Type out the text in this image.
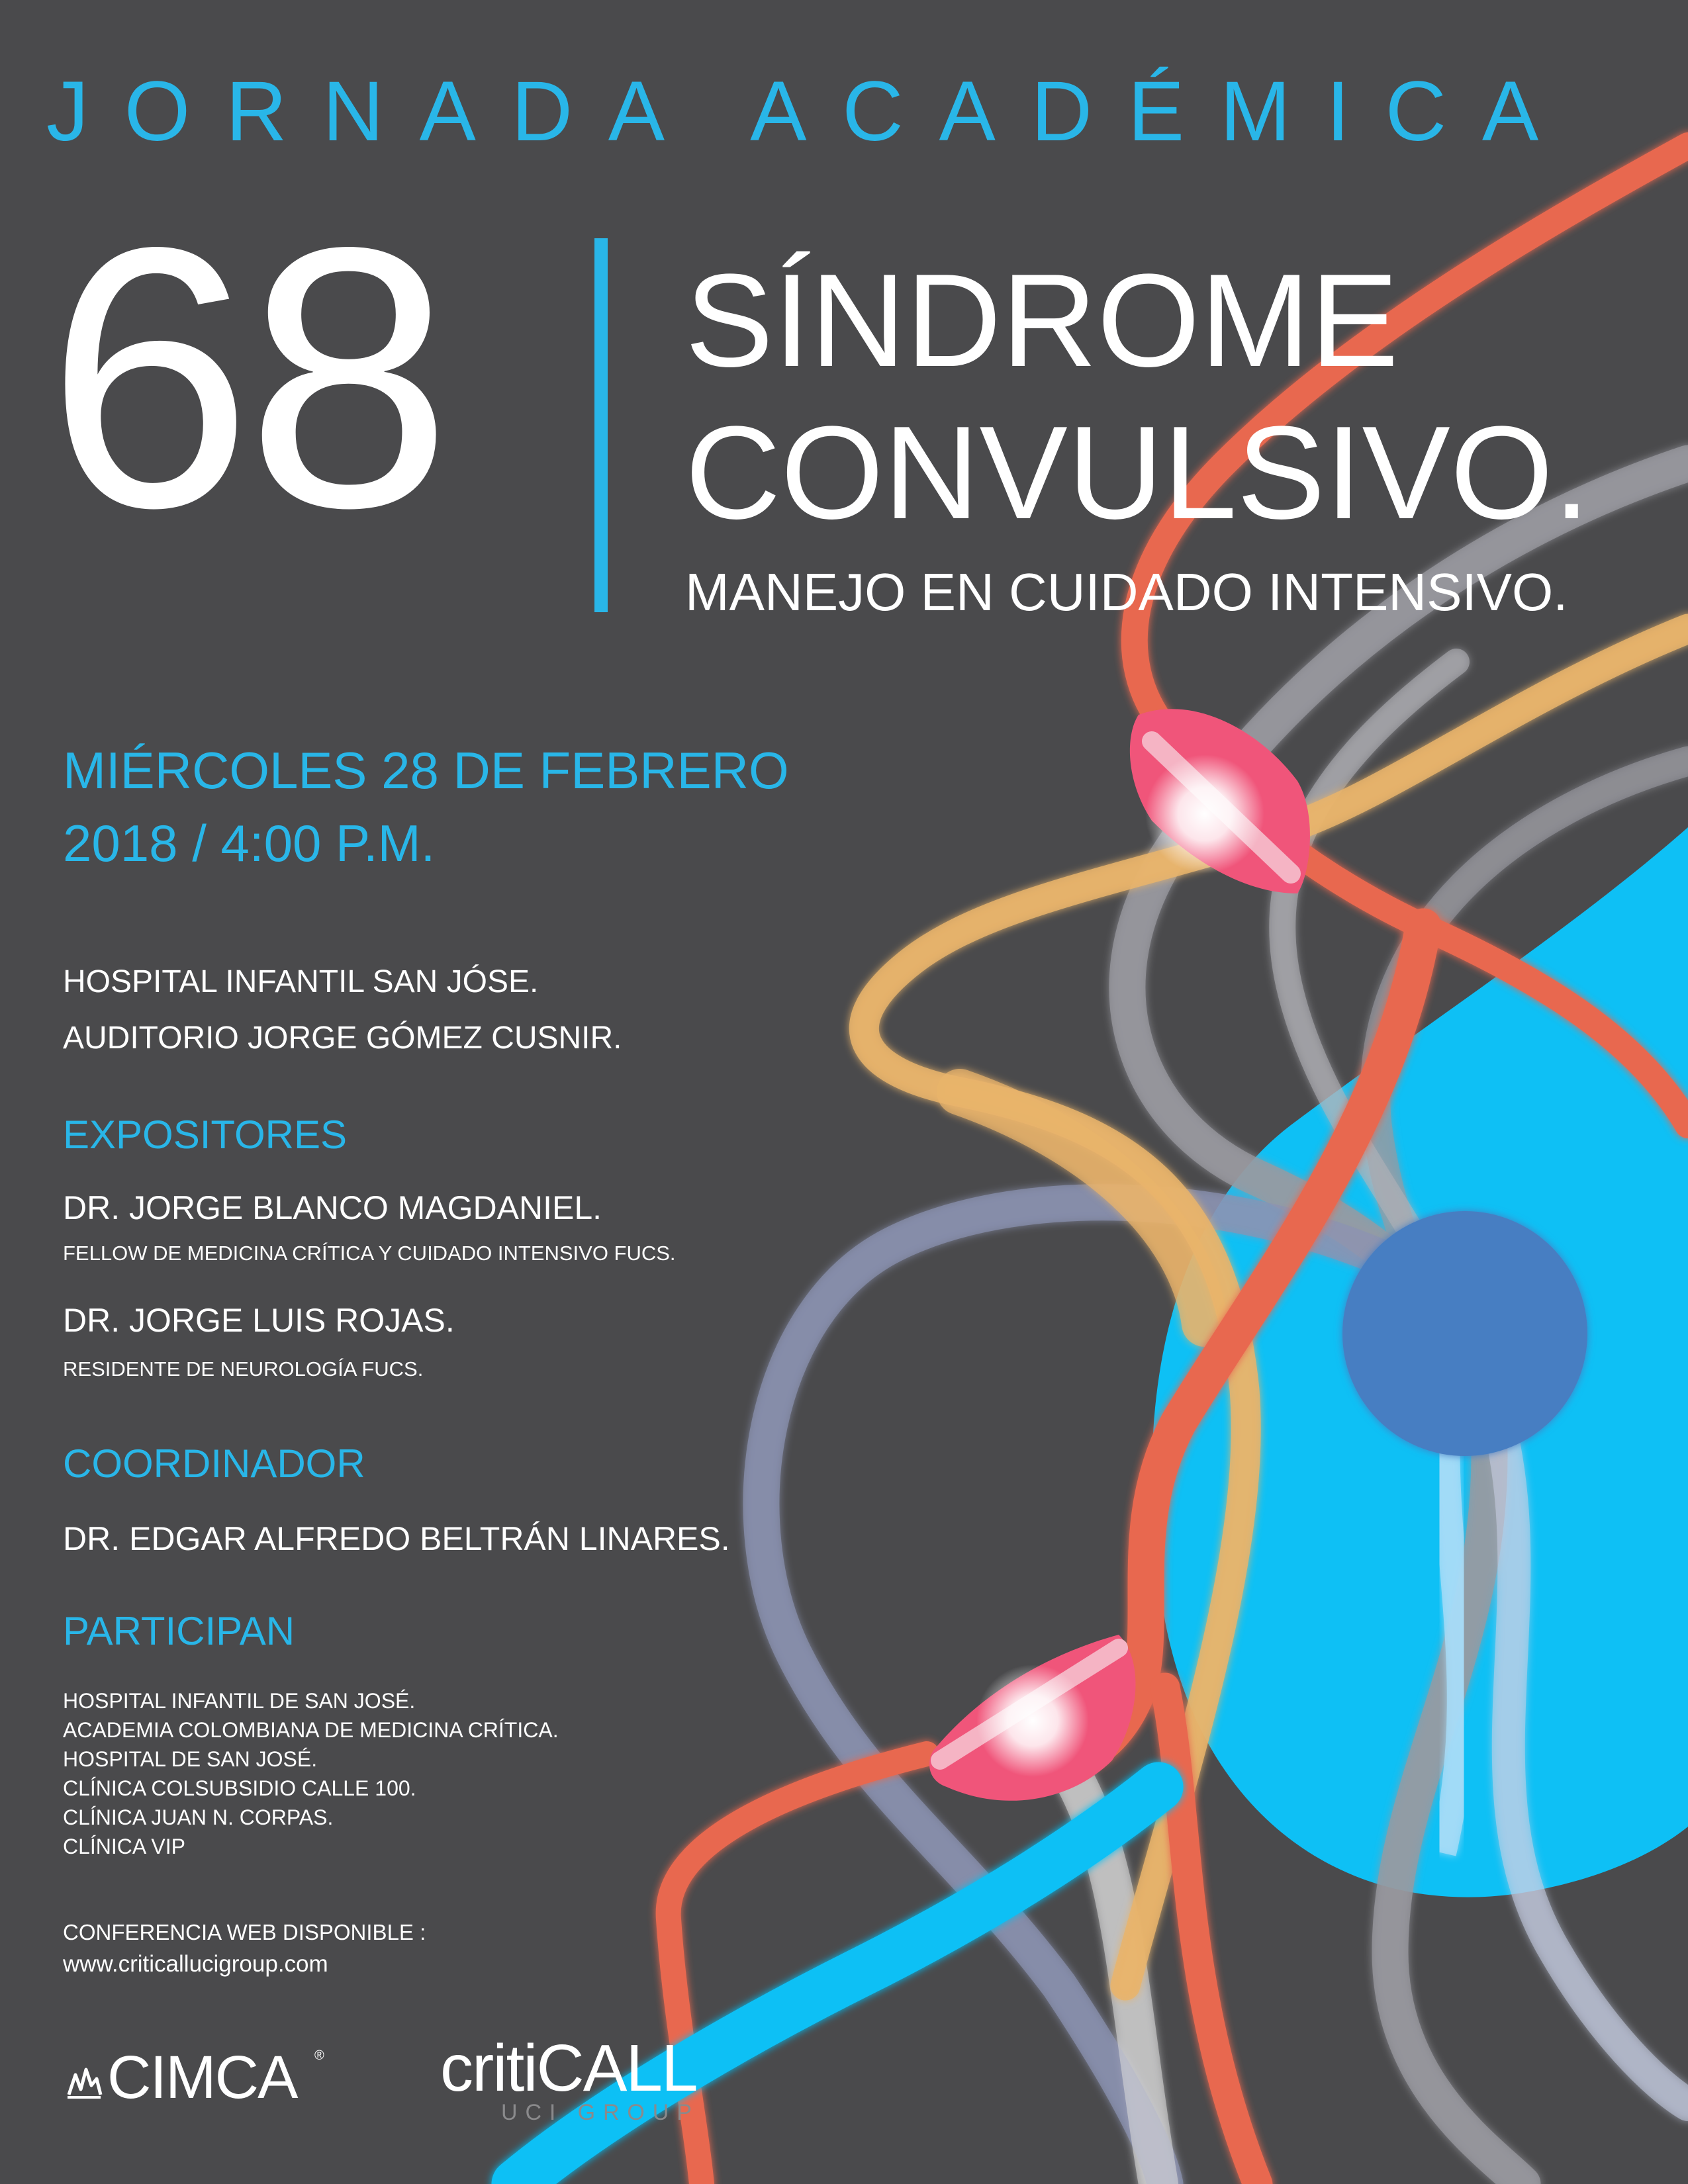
JORNADA ACADÉMICA
68 SÍNDROME
CONVULSIVO.
MANEJO EN CUIDADO INTENSIVO.
MIÉRCOLES 28 DE FEBRERO
2018 / 4:00 P.M.
HOSPITAL INFANTIL SAN JÓSE.
AUDITORIO JORGE GÓMEZ CUSNIR.
EXPOSITORES
DR. JORGE BLANCO MAGDANIEL.
FELLOW DE MEDICINA CRÍTICA Y CUIDADO INTENSIVO FUCS.
DR. JORGE LUIS ROJAS.
RESIDENTE DE NEUROLOGÍA FUCS.
COORDINADOR
DR. EDGAR ALFREDO BELTRÁN LINARES.
PARTICIPAN
HOSPITAL INFANTIL DE SAN JOSÉ.
ACADEMIA COLOMBIANA DE MEDICINA CRÍTICA.
HOSPITAL DE SAN JOSÉ.
CLÍNICA COLSUBSIDIO CALLE 100.
CLÍNICA JUAN N. CORPAS.
CLÍNICA VIP
CONFERENCIA WEB DISPONIBLE :
www.criticallucigroup.com
CIMCA ® critiCALL
UCI GROUP
